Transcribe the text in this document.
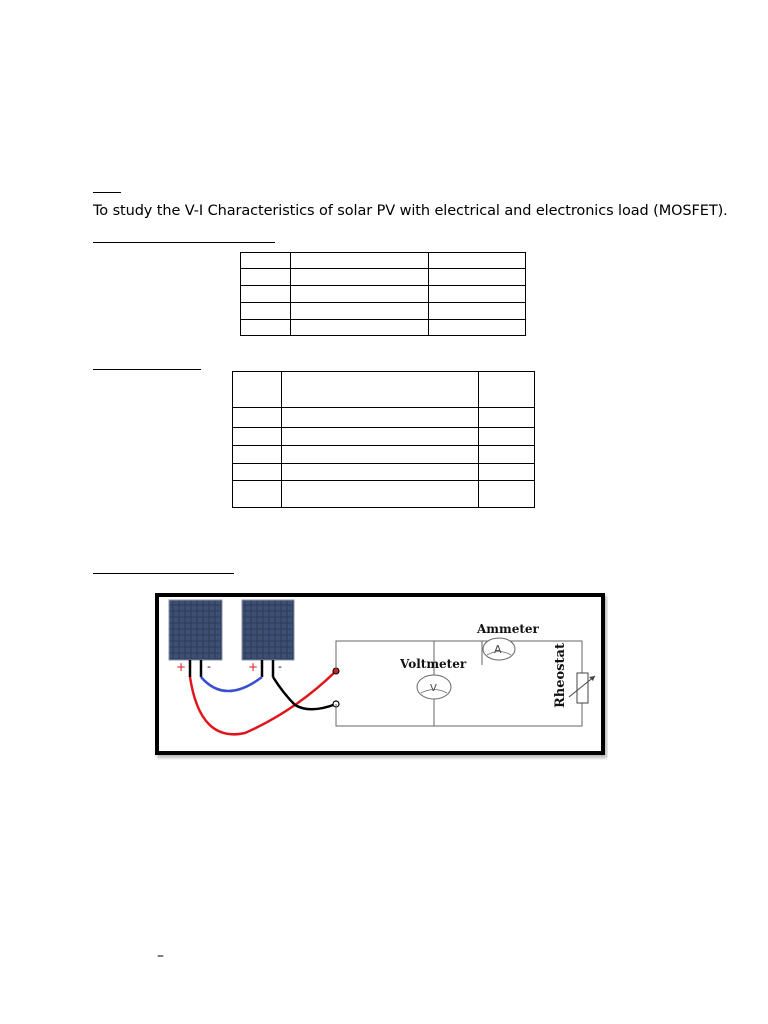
To study the V-I Characteristics of solar PV with electrical and electronics load (MOSFET).

+ -	+ -
A
Ammeter
V
Voltmeter	Rheostat
–
